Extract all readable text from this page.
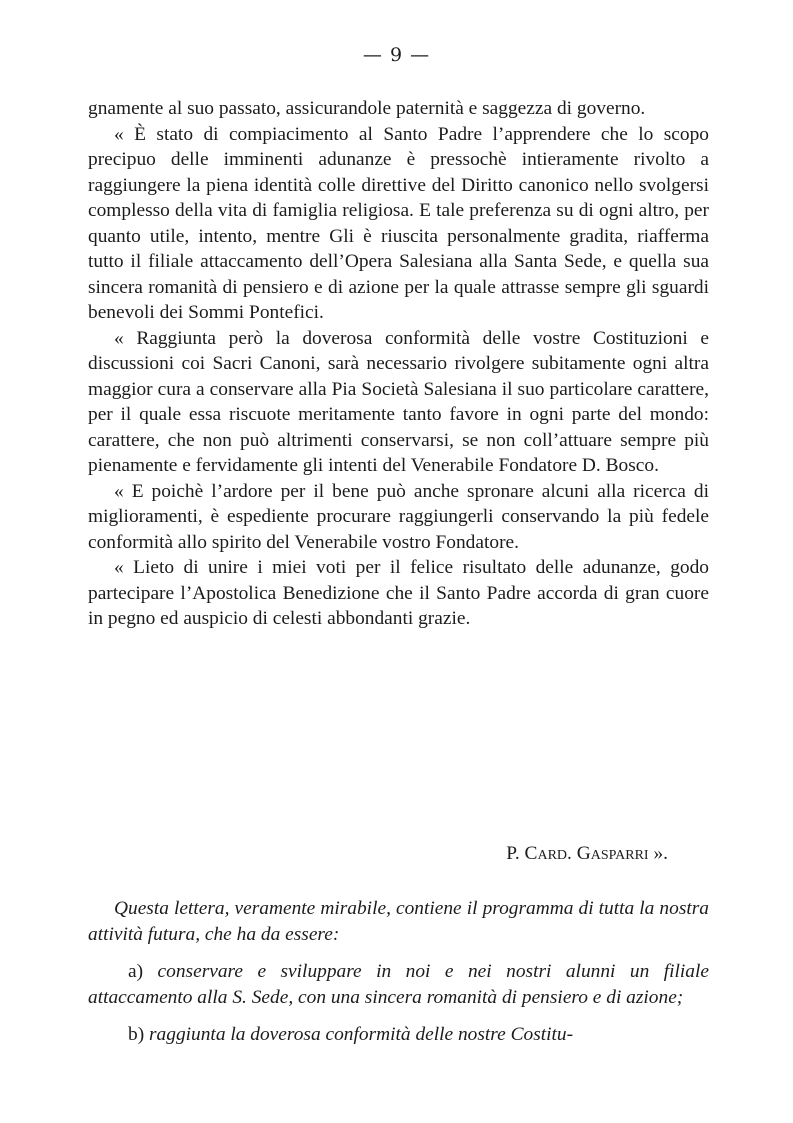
— 9 —

gnamente al suo passato, assicurandole paternità e saggezza di governo.

« È stato di compiacimento al Santo Padre l’apprendere che lo scopo precipuo delle imminenti adunanze è pressochè intieramente rivolto a raggiungere la piena identità colle direttive del Diritto canonico nello svolgersi complesso della vita di famiglia religiosa. E tale preferenza su di ogni altro, per quanto utile, intento, mentre Gli è riuscita personalmente gradita, riafferma tutto il filiale attaccamento dell’Opera Salesiana alla Santa Sede, e quella sua sincera romanità di pensiero e di azione per la quale attrasse sempre gli sguardi benevoli dei Sommi Pontefici.

« Raggiunta però la doverosa conformità delle vostre Costituzioni e discussioni coi Sacri Canoni, sarà necessario rivolgere subitamente ogni altra maggior cura a conservare alla Pia Società Salesiana il suo particolare carattere, per il quale essa riscuote meritamente tanto favore in ogni parte del mondo: carattere, che non può altrimenti conservarsi, se non coll’attuare sempre più pienamente e fervidamente gli intenti del Venerabile Fondatore D. Bosco.

« E poichè l’ardore per il bene può anche spronare alcuni alla ricerca di miglioramenti, è espediente procurare raggiungerli conservando la più fedele conformità allo spirito del Venerabile vostro Fondatore.

« Lieto di unire i miei voti per il felice risultato delle adunanze, godo partecipare l’Apostolica Benedizione che il Santo Padre accorda di gran cuore in pegno ed auspicio di celesti abbondanti grazie.

P. Card. Gasparri ».

Questa lettera, veramente mirabile, contiene il programma di tutta la nostra attività futura, che ha da essere:

a) conservare e sviluppare in noi e nei nostri alunni un filiale attaccamento alla S. Sede, con una sincera romanità di pensiero e di azione;

b) raggiunta la doverosa conformità delle nostre Costitu-
